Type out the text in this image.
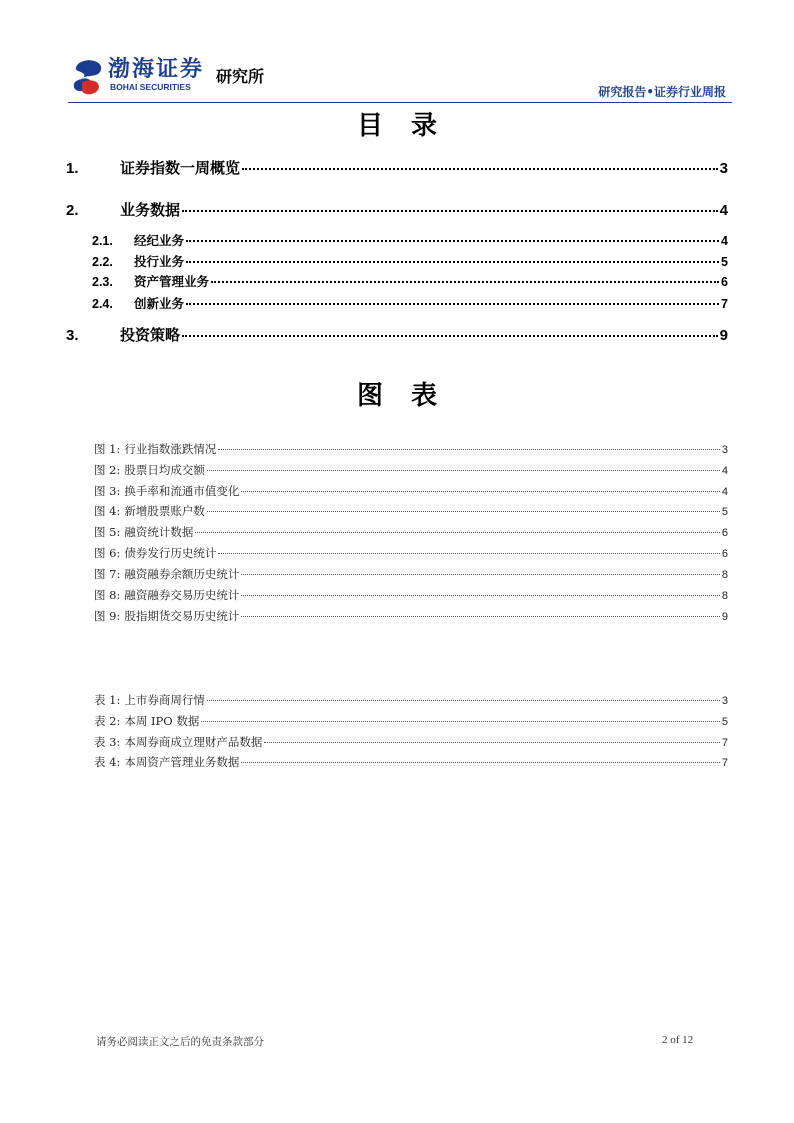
渤海证券
BOHAI SECURITIES
研究所
研究报告•证券行业周报
目录
1.	证券指数一周概览	3
2.	业务数据	4
2.1.	经纪业务	4
2.2.	投行业务	5
2.3.	资产管理业务	6
2.4.	创新业务	7
3.	投资策略	9
图表
图 1: 行业指数涨跌情况	3
图 2: 股票日均成交额	4
图 3: 换手率和流通市值变化	4
图 4: 新增股票账户数	5
图 5: 融资统计数据	6
图 6: 债券发行历史统计	6
图 7: 融资融券余额历史统计	8
图 8: 融资融券交易历史统计	8
图 9: 股指期货交易历史统计	9
表 1: 上市券商周行情	3
表 2: 本周 IPO 数据	5
表 3: 本周券商成立理财产品数据	7
表 4: 本周资产管理业务数据	7
请务必阅读正文之后的免责条款部分	2 of 12
